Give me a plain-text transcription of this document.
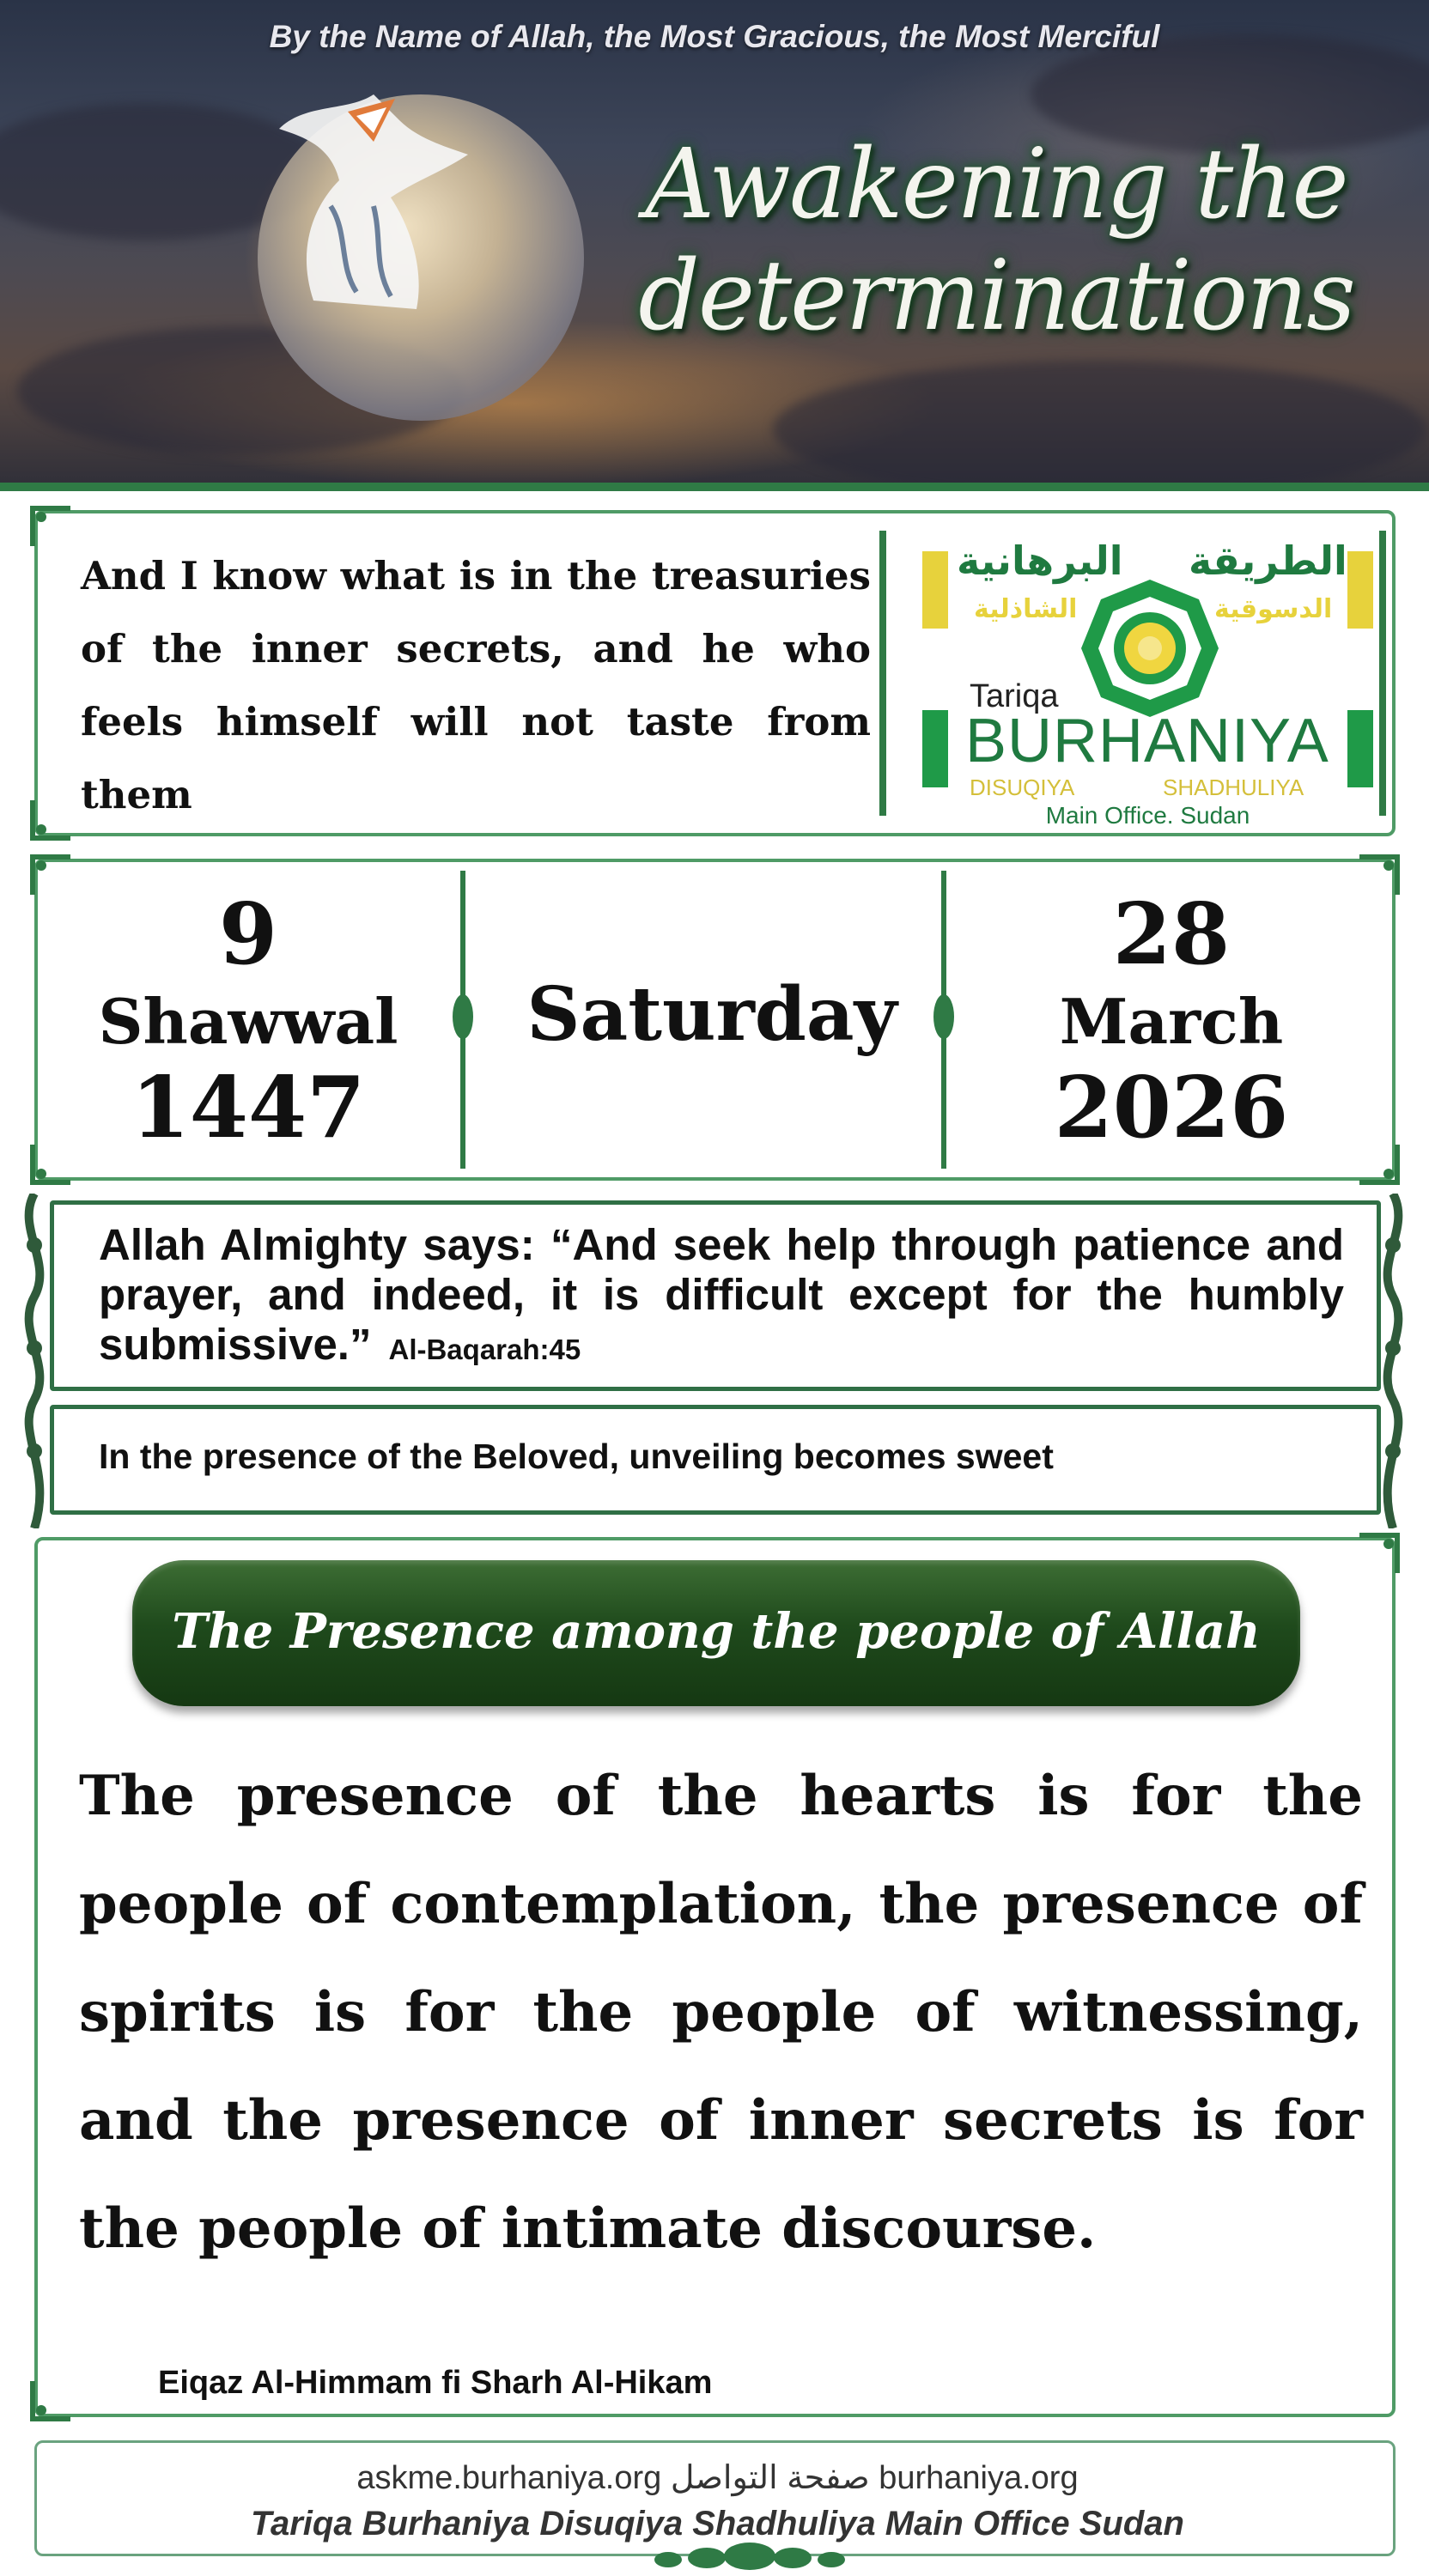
By the Name of Allah, the Most Gracious, the Most Merciful
Awakening the
determinations
And I know what is in the treasuries of the inner secrets, and he who feels himself will not taste from them
البرهانية الطريقة
الشاذلية	الدسوقية
Tariqa
BURHANIYA
DISUQIYA	SHADHULIYA
Main Office. Sudan
9
Shawwal
1447
Saturday
28
March
2026
Allah Almighty says: “And seek help through patience and prayer, and indeed, it is difficult except for the humbly submissive.” Al-Baqarah:45
In the presence of the Beloved, unveiling becomes sweet
The Presence among the people of Allah
The presence of the hearts is for the people of contemplation, the presence of spirits is for the people of witnessing, and the presence of inner secrets is for the people of intimate discourse.
Eiqaz Al-Himmam fi Sharh Al-Hikam
askme.burhaniya.org صفحة التواصل burhaniya.org
Tariqa Burhaniya Disuqiya Shadhuliya Main Office Sudan
